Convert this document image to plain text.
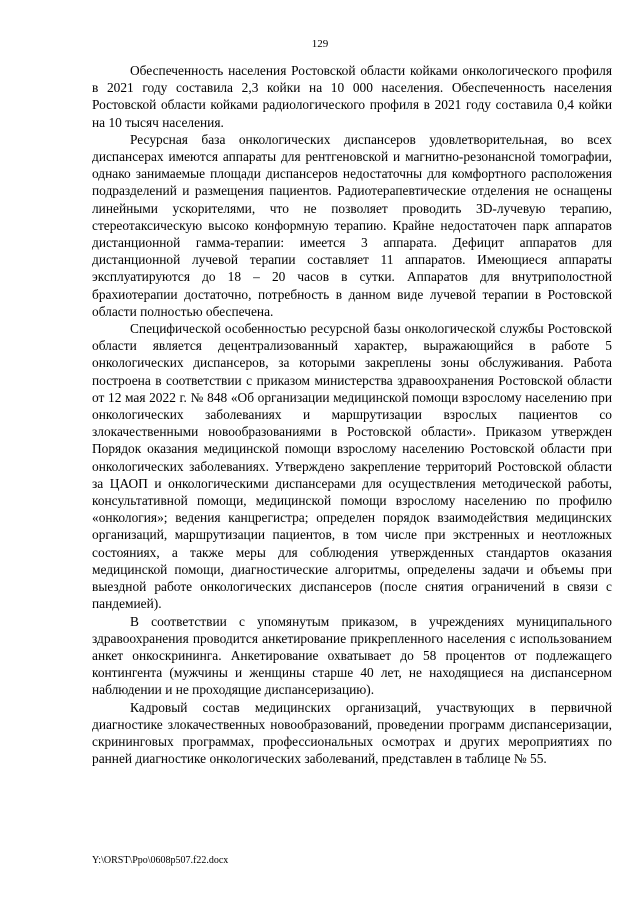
129

Обеспеченность населения Ростовской области койками онкологического профиля в 2021 году составила 2,3 койки на 10 000 населения. Обеспеченность населения Ростовской области койками радиологического профиля в 2021 году составила 0,4 койки на 10 тысяч населения.

Ресурсная база онкологических диспансеров удовлетворительная, во всех диспансерах имеются аппараты для рентгеновской и магнитно-резонансной томографии, однако занимаемые площади диспансеров недостаточны для комфортного расположения подразделений и размещения пациентов. Радиотерапевтические отделения не оснащены линейными ускорителями, что не позволяет проводить 3D-лучевую терапию, стереотаксическую высоко конформную терапию. Крайне недостаточен парк аппаратов дистанционной гамма-терапии: имеется 3 аппарата. Дефицит аппаратов для дистанционной лучевой терапии составляет 11 аппаратов. Имеющиеся аппараты эксплуатируются до 18 – 20 часов в сутки. Аппаратов для внутриполостной брахиотерапии достаточно, потребность в данном виде лучевой терапии в Ростовской области полностью обеспечена.

Специфической особенностью ресурсной базы онкологической службы Ростовской области является децентрализованный характер, выражающийся в работе 5 онкологических диспансеров, за которыми закреплены зоны обслуживания. Работа построена в соответствии с приказом министерства здравоохранения Ростовской области от 12 мая 2022 г. № 848 «Об организации медицинской помощи взрослому населению при онкологических заболеваниях и маршрутизации взрослых пациентов со злокачественными новообразованиями в Ростовской области». Приказом утвержден Порядок оказания медицинской помощи взрослому населению Ростовской области при онкологических заболеваниях. Утверждено закрепление территорий Ростовской области за ЦАОП и онкологическими диспансерами для осуществления методической работы, консультативной помощи, медицинской помощи взрослому населению по профилю «онкология»; ведения канцрегистра; определен порядок взаимодействия медицинских организаций, маршрутизации пациентов, в том числе при экстренных и неотложных состояниях, а также меры для соблюдения утвержденных стандартов оказания медицинской помощи, диагностические алгоритмы, определены задачи и объемы при выездной работе онкологических диспансеров (после снятия ограничений в связи с пандемией).

В соответствии с упомянутым приказом, в учреждениях муниципального здравоохранения проводится анкетирование прикрепленного населения с использованием анкет онкоскрининга. Анкетирование охватывает до 58 процентов от подлежащего контингента (мужчины и женщины старше 40 лет, не находящиеся на диспансерном наблюдении и не проходящие диспансеризацию).

Кадровый состав медицинских организаций, участвующих в первичной диагностике злокачественных новообразований, проведении программ диспансеризации, скрининговых программах, профессиональных осмотрах и других мероприятиях по ранней диагностике онкологических заболеваний, представлен в таблице № 55.

Y:\ORST\Ppo\0608p507.f22.docx
